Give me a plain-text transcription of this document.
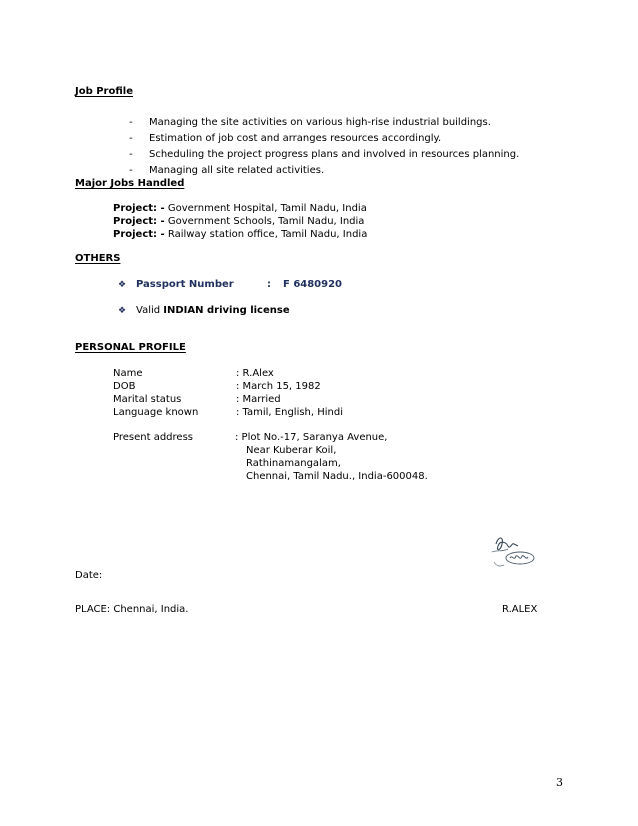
Job Profile
- Managing the site activities on various high-rise industrial buildings.
- Estimation of job cost and arranges resources accordingly.
- Scheduling the project progress plans and involved in resources planning.
- Managing all site related activities.
Major Jobs Handled
Project: - Government Hospital, Tamil Nadu, India
Project: - Government Schools, Tamil Nadu, India
Project: - Railway station office, Tamil Nadu, India
OTHERS
❖ Passport Number	: F 6480920
❖ Valid INDIAN driving license
PERSONAL PROFILE
Name	: R.Alex
DOB	: March 15, 1982
Marital status	: Married
Language known	: Tamil, English, Hindi
Present address	: Plot No.-17, Saranya Avenue,
Near Kuberar Koil,
Rathinamangalam,
Chennai, Tamil Nadu., India-600048.
Date:
PLACE: Chennai, India.	R.ALEX
3
